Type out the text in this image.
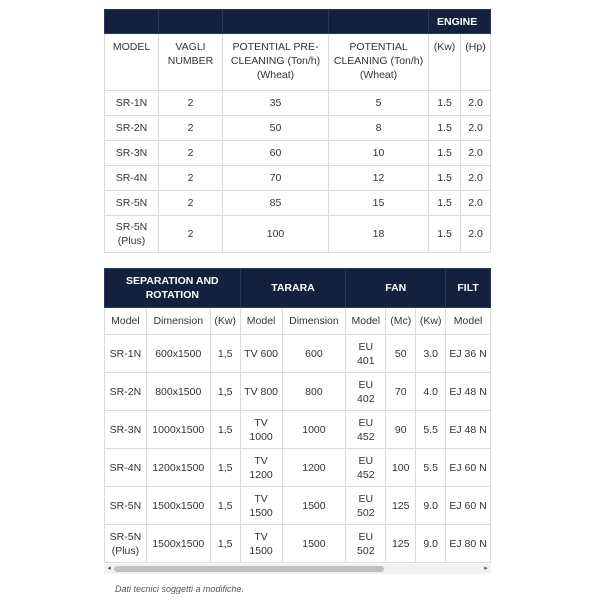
				ENGINE	
MODEL	VAGLI NUMBER	POTENTIAL PRE-CLEANING (Ton/h) (Wheat)	POTENTIAL CLEANING (Ton/h) (Wheat)	(Kw)	(Hp)
SR-1N	2	35	5	1.5	2.0
SR-2N	2	50	8	1.5	2.0
SR-3N	2	60	10	1.5	2.0
SR-4N	2	70	12	1.5	2.0
SR-5N	2	85	15	1.5	2.0
SR-5N (Plus)	2	100	18	1.5	2.0
SEPARATION AND ROTATION			TARARA		FAN			FILT
Model	Dimension	(Kw)	Model	Dimension	Model	(Mc)	(Kw)	Model
SR-1N	600x1500	1,5	TV 600	600	EU 401	50	3.0	EJ 36 N
SR-2N	800x1500	1,5	TV 800	800	EU 402	70	4.0	EJ 48 N
SR-3N	1000x1500	1,5	TV 1000	1000	EU 452	90	5.5	EJ 48 N
SR-4N	1200x1500	1,5	TV 1200	1200	EU 452	100	5.5	EJ 60 N
SR-5N	1500x1500	1,5	TV 1500	1500	EU 502	125	9.0	EJ 60 N
SR-5N (Plus)	1500x1500	1,5	TV 1500	1500	EU 502	125	9.0	EJ 80 N
◂	▸
Dati tecnici soggetti a modifiche.
